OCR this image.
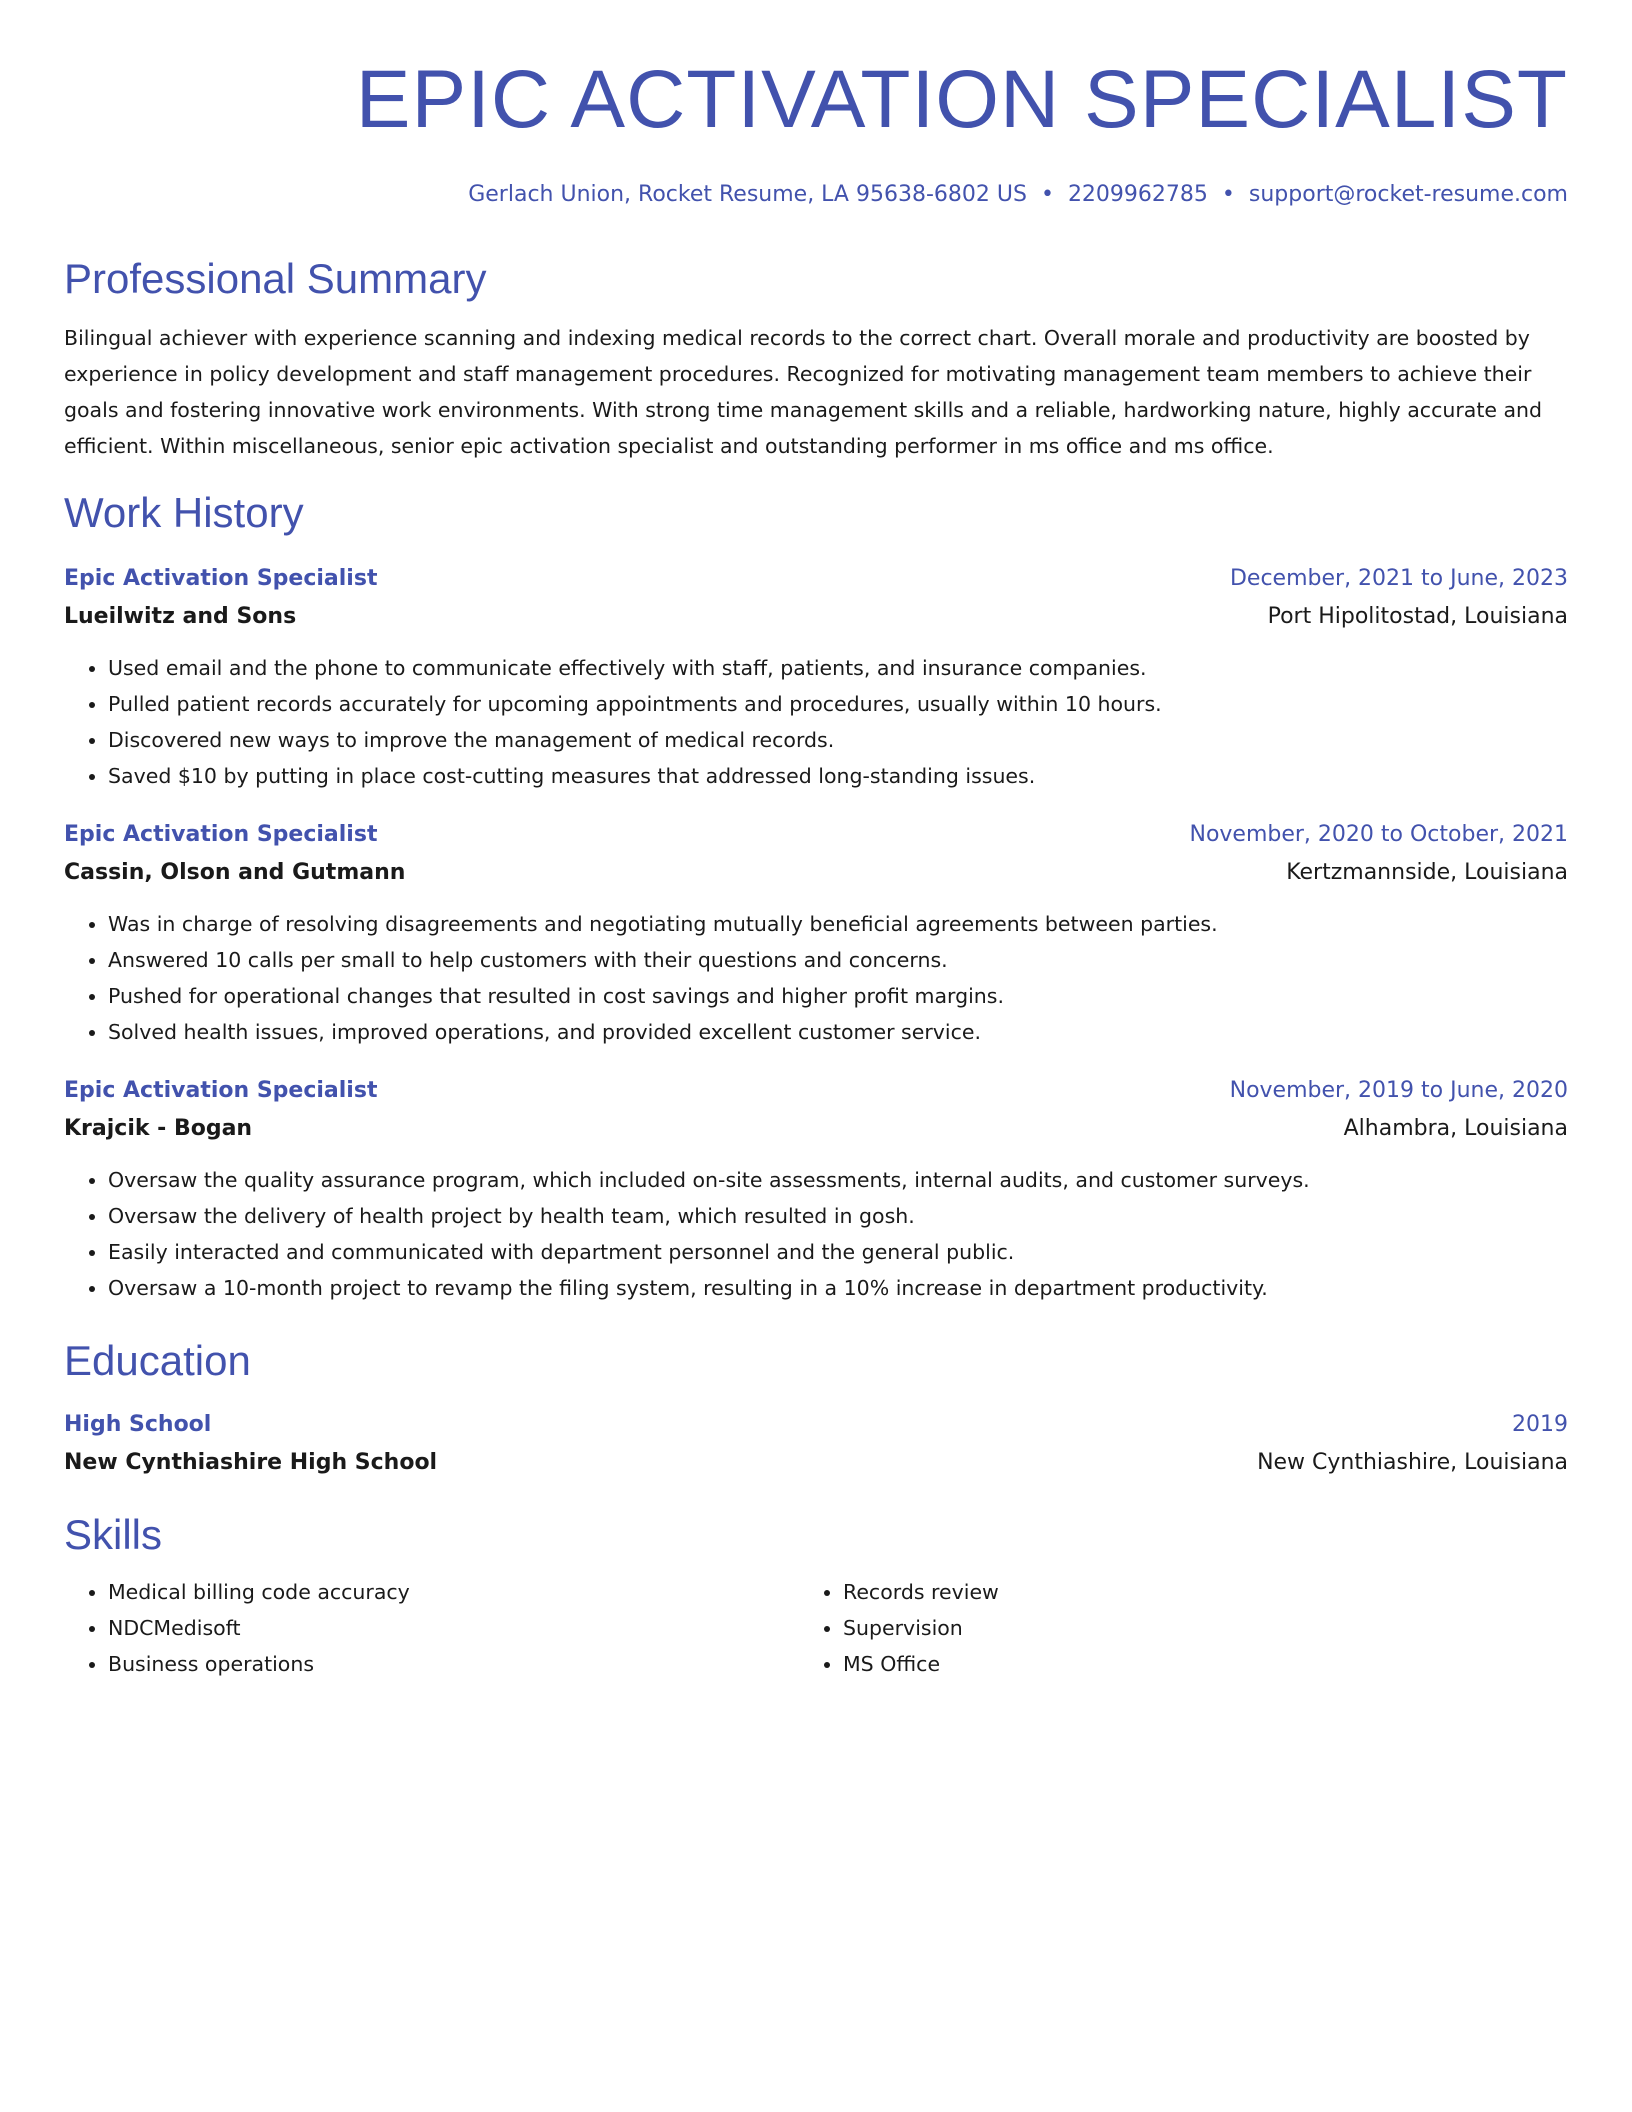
EPIC ACTIVATION SPECIALIST
Gerlach Union, Rocket Resume, LA 95638-6802 US • 2209962785 • support@rocket-resume.com
Professional Summary
Bilingual achiever with experience scanning and indexing medical records to the correct chart. Overall morale and productivity are boosted by experience in policy development and staff management procedures. Recognized for motivating management team members to achieve their goals and fostering innovative work environments. With strong time management skills and a reliable, hardworking nature, highly accurate and efficient. Within miscellaneous, senior epic activation specialist and outstanding performer in ms office and ms office.
Work History
Epic Activation Specialist	December, 2021 to June, 2023
Lueilwitz and Sons	Port Hipolitostad, Louisiana
• Used email and the phone to communicate effectively with staff, patients, and insurance companies.
• Pulled patient records accurately for upcoming appointments and procedures, usually within 10 hours.
• Discovered new ways to improve the management of medical records.
• Saved $10 by putting in place cost-cutting measures that addressed long-standing issues.
Epic Activation Specialist	November, 2020 to October, 2021
Cassin, Olson and Gutmann	Kertzmannside, Louisiana
• Was in charge of resolving disagreements and negotiating mutually beneficial agreements between parties.
• Answered 10 calls per small to help customers with their questions and concerns.
• Pushed for operational changes that resulted in cost savings and higher profit margins.
• Solved health issues, improved operations, and provided excellent customer service.
Epic Activation Specialist	November, 2019 to June, 2020
Krajcik - Bogan	Alhambra, Louisiana
• Oversaw the quality assurance program, which included on-site assessments, internal audits, and customer surveys.
• Oversaw the delivery of health project by health team, which resulted in gosh.
• Easily interacted and communicated with department personnel and the general public.
• Oversaw a 10-month project to revamp the filing system, resulting in a 10% increase in department productivity.
Education
High School	2019
New Cynthiashire High School	New Cynthiashire, Louisiana
Skills
• Medical billing code accuracy
• NDCMedisoft
• Business operations
• Records review
• Supervision
• MS Office
